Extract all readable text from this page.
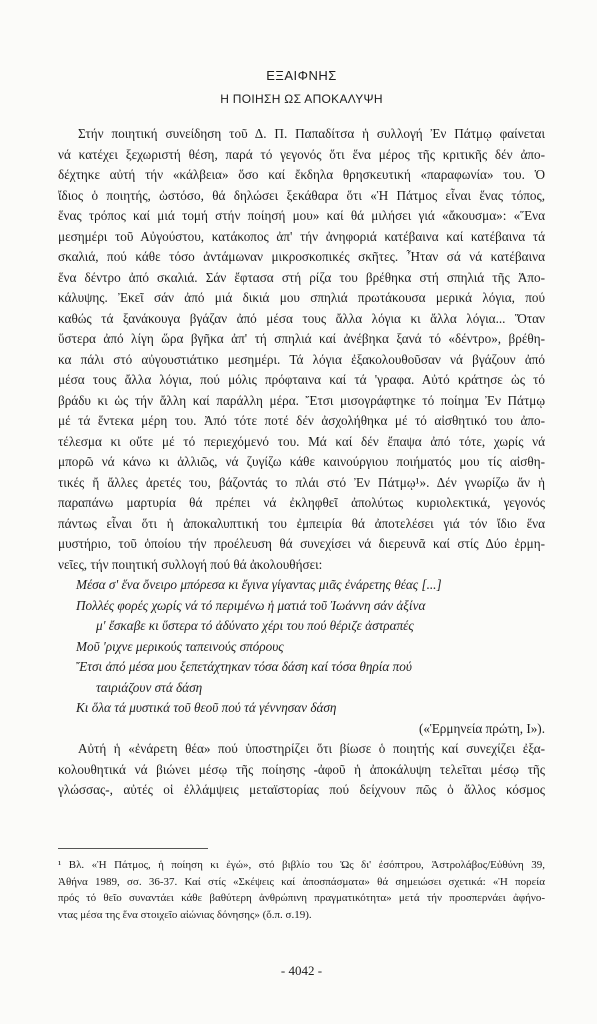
ΕΞΑΙΦΝΗΣ
Η ΠΟΙΗΣΗ ΩΣ ΑΠΟΚΑΛΥΨΗ
Στήν ποιητική συνείδηση τοῦ Δ. Π. Παπαδίτσα ἡ συλλογή Ἐν Πάτμῳ φαίνεται
νά κατέχει ξεχωριστή θέση, παρά τό γεγονός ὅτι ἕνα μέρος τῆς κριτικῆς δέν ἀπο-
δέχτηκε αὐτή τήν «κάλβεια» ὅσο καί ἔκδηλα θρησκευτική «παραφωνία» του. Ὁ
ἴδιος ὁ ποιητής, ὡστόσο, θά δηλώσει ξεκάθαρα ὅτι «Ἡ Πάτμος εἶναι ἕνας τόπος,
ἕνας τρόπος καί μιά τομή στήν ποίησή μου» καί θά μιλήσει γιά «ἄκουσμα»: «Ἕνα
μεσημέρι τοῦ Αὐγούστου, κατάκοπος ἀπ' τήν ἀνηφοριά κατέβαινα καί κατέβαινα τά
σκαλιά, πού κάθε τόσο ἀντάμωναν μικροσκοπικές σκῆτες. Ἦταν σά νά κατέβαινα
ἕνα δέντρο ἀπό σκαλιά. Σάν ἔφτασα στή ρίζα του βρέθηκα στή σπηλιά τῆς Ἀπο-
κάλυψης. Ἐκεῖ σάν ἀπό μιά δικιά μου σπηλιά πρωτάκουσα μερικά λόγια, πού
καθώς τά ξανάκουγα βγάζαν ἀπό μέσα τους ἄλλα λόγια κι ἄλλα λόγια... Ὅταν
ὕστερα ἀπό λίγη ὥρα βγῆκα ἀπ' τή σπηλιά καί ἀνέβηκα ξανά τό «δέντρο», βρέθη-
κα πάλι στό αὐγουστιάτικο μεσημέρι. Τά λόγια ἐξακολουθοῦσαν νά βγάζουν ἀπό
μέσα τους ἄλλα λόγια, πού μόλις πρόφταινα καί τά 'γραφα. Αὐτό κράτησε ὡς τό
βράδυ κι ὡς τήν ἄλλη καί παράλλη μέρα. Ἔτσι μισογράφτηκε τό ποίημα Ἐν Πάτμῳ
μέ τά ἕντεκα μέρη του. Ἀπό τότε ποτέ δέν ἀσχολήθηκα μέ τό αἰσθητικό του ἀπο-
τέλεσμα κι οὔτε μέ τό περιεχόμενό του. Μά καί δέν ἔπαψα ἀπό τότε, χωρίς νά
μπορῶ νά κάνω κι ἀλλιῶς, νά ζυγίζω κάθε καινούργιου ποιήματός μου τίς αἰσθη-
τικές ἤ ἄλλες ἀρετές του, βάζοντάς το πλάι στό Ἐν Πάτμῳ¹». Δέν γνωρίζω ἄν ἡ
παραπάνω μαρτυρία θά πρέπει νά ἐκληφθεῖ ἀπολύτως κυριολεκτικά, γεγονός
πάντως εἶναι ὅτι ἡ ἀποκαλυπτική του ἐμπειρία θά ἀποτελέσει γιά τόν ἴδιο ἕνα
μυστήριο, τοῦ ὁποίου τήν προέλευση θά συνεχίσει νά διερευνᾶ καί στίς Δύο ἑρμη-
νεῖες, τήν ποιητική συλλογή πού θά ἀκολουθήσει:
Μέσα σ' ἕνα ὄνειρο μπόρεσα κι ἔγινα γίγαντας μιᾶς ἐνάρετης θέας [...]
Πολλές φορές χωρίς νά τό περιμένω ἡ ματιά τοῦ Ἰωάννη σάν ἀξίνα
μ' ἔσκαβε κι ὕστερα τό ἀδύνατο χέρι του πού θέριζε ἀστραπές
Μοῦ 'ριχνε μερικούς ταπεινούς σπόρους
Ἔτσι ἀπό μέσα μου ξεπετάχτηκαν τόσα δάση καί τόσα θηρία πού
ταιριάζουν στά δάση
Κι ὅλα τά μυστικά τοῦ θεοῦ πού τά γέννησαν δάση
(«Ἑρμηνεία πρώτη, Ι»).
Αὐτή ἡ «ἐνάρετη θέα» πού ὑποστηρίζει ὅτι βίωσε ὁ ποιητής καί συνεχίζει ἐξα-
κολουθητικά νά βιώνει μέσῳ τῆς ποίησης -ἀφοῦ ἡ ἀποκάλυψη τελεῖται μέσῳ τῆς
γλώσσας-, αὐτές οἱ ἐλλάμψεις μεταϊστορίας πού δείχνουν πῶς ὁ ἄλλος κόσμος
¹ Βλ. «Ἡ Πάτμος, ἡ ποίηση κι ἐγώ», στό βιβλίο του Ὡς δι' ἐσόπτρου, Ἀστρολάβος/Εὐθύνη 39,
Ἀθήνα 1989, σσ. 36-37. Καί στίς «Σκέψεις καί ἀποσπάσματα» θά σημειώσει σχετικά: «Ἡ πορεία
πρός τό θεῖο συναντάει κάθε βαθύτερη ἀνθρώπινη πραγματικότητα» μετά τήν προσπερνάει ἀφήνο-
ντας μέσα της ἕνα στοιχεῖο αἰώνιας δόνησης» (ὅ.π. σ.19).
- 4042 -
